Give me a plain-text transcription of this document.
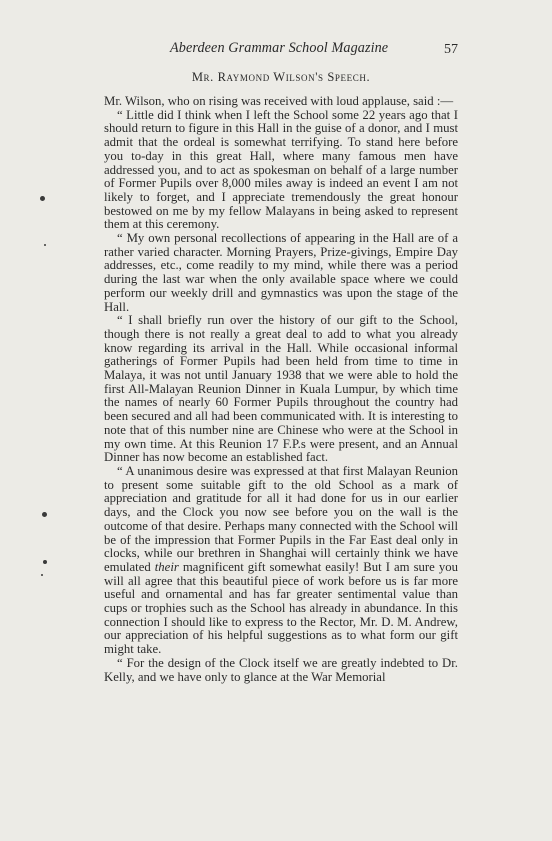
Aberdeen Grammar School Magazine	57
Mr. Raymond Wilson's Speech.

Mr. Wilson, who on rising was received with loud applause, said :—

“ Little did I think when I left the School some 22 years ago that I should return to figure in this Hall in the guise of a donor, and I must admit that the ordeal is somewhat terrifying. To stand here before you to-day in this great Hall, where many famous men have addressed you, and to act as spokesman on behalf of a large number of Former Pupils over 8,000 miles away is indeed an event I am not likely to forget, and I appreciate tremendously the great honour bestowed on me by my fellow Malayans in being asked to represent them at this ceremony.

“ My own personal recollections of appearing in the Hall are of a rather varied character. Morning Prayers, Prize-givings, Empire Day addresses, etc., come readily to my mind, while there was a period during the last war when the only available space where we could perform our weekly drill and gymnastics was upon the stage of the Hall.

“ I shall briefly run over the history of our gift to the School, though there is not really a great deal to add to what you already know regarding its arrival in the Hall. While occasional informal gatherings of Former Pupils had been held from time to time in Malaya, it was not until January 1938 that we were able to hold the first All-Malayan Reunion Dinner in Kuala Lumpur, by which time the names of nearly 60 Former Pupils throughout the country had been secured and all had been communicated with. It is interesting to note that of this number nine are Chinese who were at the School in my own time. At this Reunion 17 F.P.s were present, and an Annual Dinner has now become an established fact.

“ A unanimous desire was expressed at that first Malayan Reunion to present some suitable gift to the old School as a mark of appreciation and gratitude for all it had done for us in our earlier days, and the Clock you now see before you on the wall is the outcome of that desire. Perhaps many connected with the School will be of the impression that Former Pupils in the Far East deal only in clocks, while our brethren in Shanghai will certainly think we have emulated their magnificent gift somewhat easily! But I am sure you will all agree that this beautiful piece of work before us is far more useful and ornamental and has far greater sentimental value than cups or trophies such as the School has already in abundance. In this connection I should like to express to the Rector, Mr. D. M. Andrew, our appreciation of his helpful suggestions as to what form our gift might take.

“ For the design of the Clock itself we are greatly indebted to Dr. Kelly, and we have only to glance at the War Memorial
